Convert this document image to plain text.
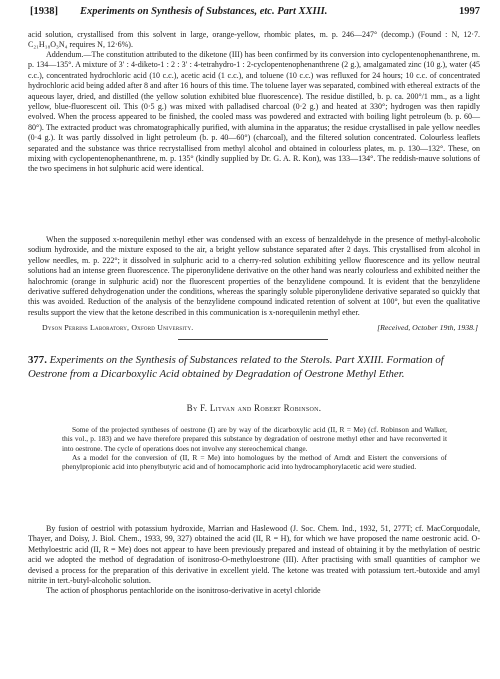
[1938] Experiments on Synthesis of Substances, etc. Part XXIII.	1997

acid solution, crystallised from this solvent in large, orange-yellow, rhombic plates, m. p. 246—247° (decomp.) (Found : N, 12·7. C₂₁H₁₈O₃N₄ requires N, 12·6%).

Addendum.—The constitution attributed to the diketone (III) has been confirmed by its conversion into cyclopentenophenanthrene, m. p. 134—135°. A mixture of 3′ : 4-diketo-1 : 2 : 3′ : 4-tetrahydro-1 : 2-cyclopentenophenanthrene (2 g.), amalgamated zinc (10 g.), water (45 c.c.), concentrated hydrochloric acid (10 c.c.), acetic acid (1 c.c.), and toluene (10 c.c.) was refluxed for 24 hours; 10 c.c. of concentrated hydrochloric acid being added after 8 and after 16 hours of this time. The toluene layer was separated, combined with ethereal extracts of the aqueous layer, dried, and distilled (the yellow solution exhibited blue fluorescence). The residue distilled, b. p. ca. 200°/1 mm., as a light yellow, blue-fluorescent oil. This (0·5 g.) was mixed with palladised charcoal (0·2 g.) and heated at 330°; hydrogen was then rapidly evolved. When the process appeared to be finished, the cooled mass was powdered and extracted with boiling light petroleum (b. p. 60—80°). The extracted product was chromatographically purified, with alumina in the apparatus; the residue crystallised in pale yellow needles (0·4 g.). It was partly dissolved in light petroleum (b. p. 40—60°) (charcoal), and the filtered solution concentrated. Colourless leaflets separated and the substance was thrice recrystallised from methyl alcohol and obtained in colourless plates, m. p. 130—132°. These, on mixing with cyclopentenophenanthrene, m. p. 135° (kindly supplied by Dr. G. A. R. Kon), was 133—134°. The reddish-mauve solutions of the two specimens in hot sulphuric acid were identical.

When the supposed x-norequilenin methyl ether was condensed with an excess of benzaldehyde in the presence of methyl-alcoholic sodium hydroxide, and the mixture exposed to the air, a bright yellow substance separated after 2 days. This crystallised from alcohol in yellow needles, m. p. 222°; it dissolved in sulphuric acid to a cherry-red solution exhibiting yellow fluorescence and its yellow neutral solutions had an intense green fluorescence. The piperonylidene derivative on the other hand was nearly colourless and exhibited neither the halochromic (orange in sulphuric acid) nor the fluorescent properties of the benzylidene compound. It is evident that the benzylidene derivative suffered dehydrogenation under the conditions, whereas the sparingly soluble piperonylidene derivative separated so quickly that this was avoided. Reduction of the analysis of the benzylidene compound indicated retention of solvent at 100°, but even the qualitative results support the view that the ketone described in this communication is x-norequilenin methyl ether.

Dyson Perrins Laboratory, Oxford University.	[Received, October 19th, 1938.]
377. Experiments on the Synthesis of Substances related to the Sterols. Part XXIII. Formation of Oestrone from a Dicarboxylic Acid obtained by Degradation of Oestrone Methyl Ether.
By F. Litvan and Robert Robinson.

Some of the projected syntheses of oestrone (I) are by way of the dicarboxylic acid (II, R = Me) (cf. Robinson and Walker, this vol., p. 183) and we have therefore prepared this substance by degradation of oestrone methyl ether and have reconverted it into oestrone. The cycle of operations does not involve any stereochemical change.

As a model for the conversion of (II, R = Me) into homologues by the method of Arndt and Eistert the conversions of phenylpropionic acid into phenylbutyric acid and of homocamphoric acid into hydrocamphorylacetic acid were studied.

By fusion of oestriol with potassium hydroxide, Marrian and Haslewood (J. Soc. Chem. Ind., 1932, 51, 277T; cf. MacCorquodale, Thayer, and Doisy, J. Biol. Chem., 1933, 99, 327) obtained the acid (II, R = H), for which we have proposed the name oestronic acid. O-Methyloestric acid (II, R = Me) does not appear to have been previously prepared and instead of obtaining it by the methylation of oestric acid we adopted the method of degradation of isonitroso-O-methyloestrone (III). After practising with small quantities of camphor we devised a process for the preparation of this derivative in excellent yield. The ketone was treated with potassium tert.-butoxide and amyl nitrite in tert.-butyl-alcoholic solution.

The action of phosphorus pentachloride on the isonitroso-derivative in acetyl chloride
